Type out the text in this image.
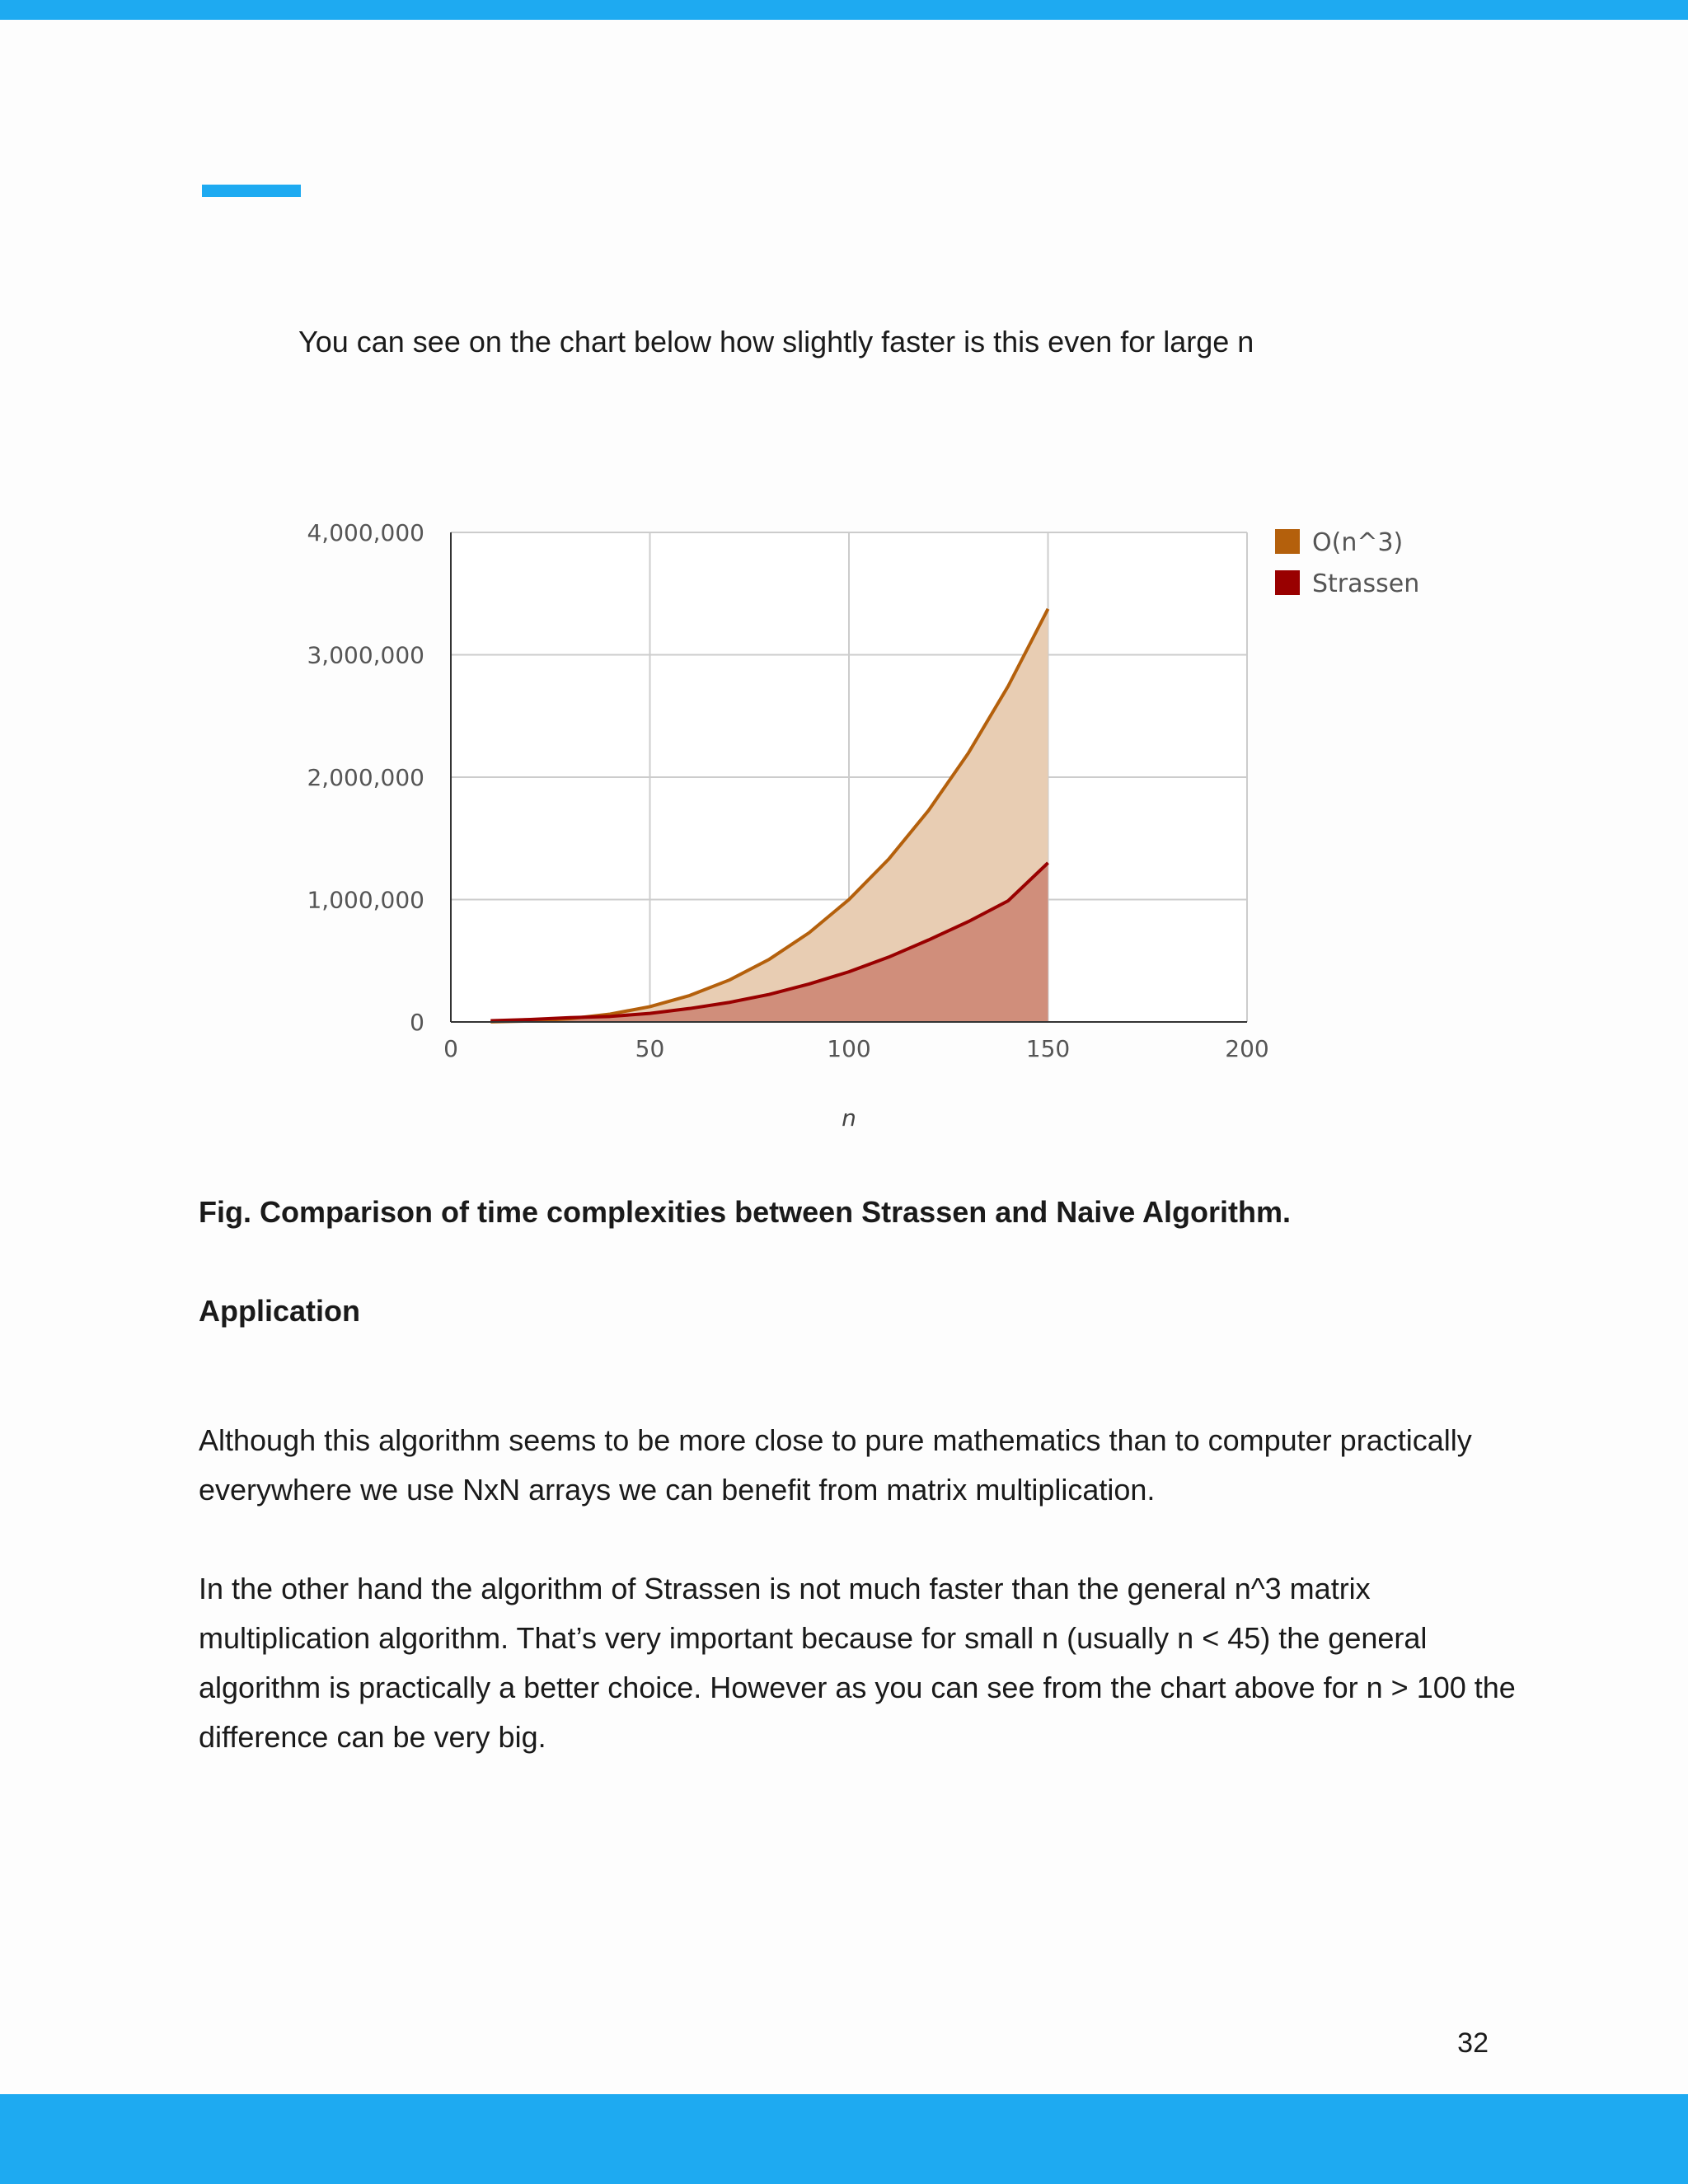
You can see on the chart below how slightly faster is this even for large n
0
1,000,000
2,000,000
3,000,000
4,000,000
0	50	100	150	200
n
O(n^3)
Strassen
Fig. Comparison of time complexities between Strassen and Naive Algorithm.
Application
Although this algorithm seems to be more close to pure mathematics than to computer practically everywhere we use NxN arrays we can benefit from matrix multiplication.
In the other hand the algorithm of Strassen is not much faster than the general n^3 matrix multiplication algorithm. That’s very important because for small n (usually n < 45) the general algorithm is practically a better choice. However as you can see from the chart above for n > 100 the difference can be very big.
32
